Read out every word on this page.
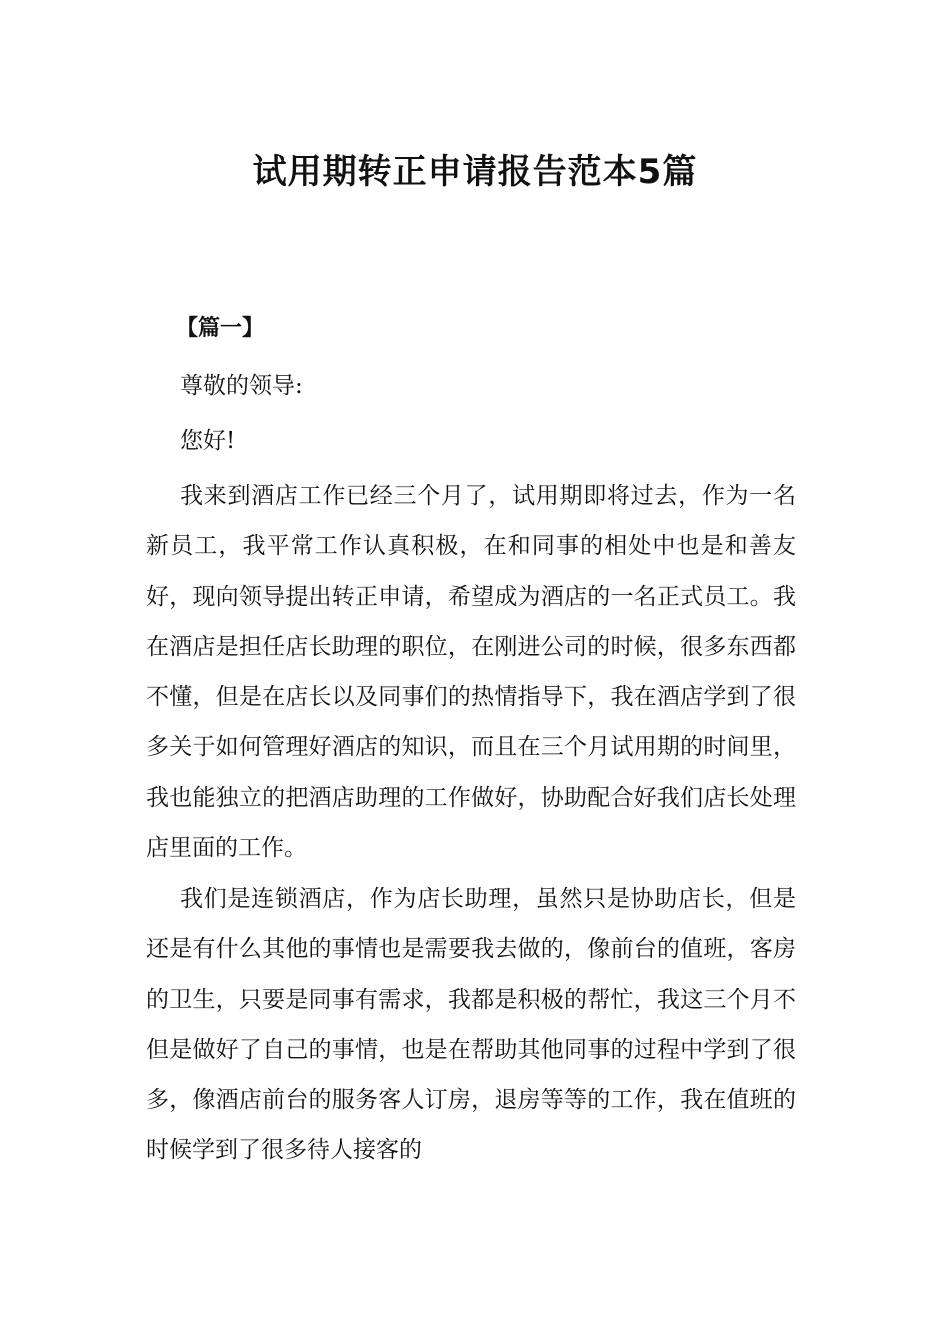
试用期转正申请报告范本5篇
【篇一】

尊敬的领导:

您好!

我来到酒店工作已经三个月了，试用期即将过去，作为一名新员工，我平常工作认真积极，在和同事的相处中也是和善友好，现向领导提出转正申请，希望成为酒店的一名正式员工。我在酒店是担任店长助理的职位，在刚进公司的时候，很多东西都不懂，但是在店长以及同事们的热情指导下，我在酒店学到了很多关于如何管理好酒店的知识，而且在三个月试用期的时间里，我也能独立的把酒店助理的工作做好，协助配合好我们店长处理店里面的工作。

我们是连锁酒店，作为店长助理，虽然只是协助店长，但是还是有什么其他的事情也是需要我去做的，像前台的值班，客房的卫生，只要是同事有需求，我都是积极的帮忙，我这三个月不但是做好了自己的事情，也是在帮助其他同事的过程中学到了很多，像酒店前台的服务客人订房，退房等等的工作，我在值班的时候学到了很多待人接客的
